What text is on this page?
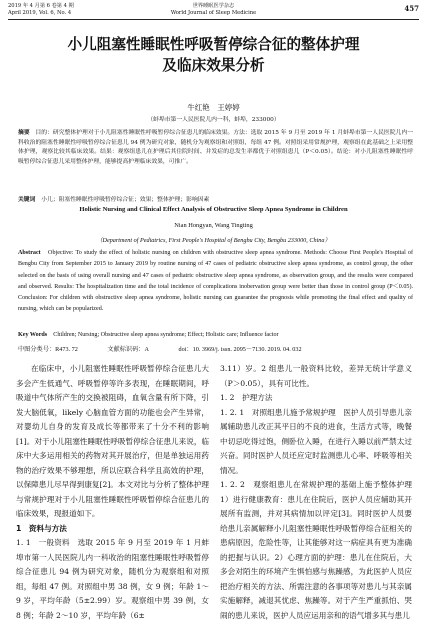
2019 年 4 月第 6 卷第 4 期
April 2019, Vol. 6, No. 4
世界睡眠医学杂志
World Journal of Sleep Medicine	457
小儿阻塞性睡眠性呼吸暂停综合征的整体护理
及临床效果分析
牛红艳　王婷婷
（蚌埠市第一人民医院儿内一科，蚌埠，233000）
摘要　 目的：研究整体护理对于小儿阻塞性睡眠性呼吸暂停综合征患儿的临床效果。方法：选取 2015 年 9 月至 2019 年 1 月蚌埠市第一人民医院儿内一科收治的阻塞性睡眠性呼吸暂停综合征患儿 94 例为研究对象，随机分为观察组和对照组，每组 47 例。对照组采用常规护理，观察组在此基础之上采用整体护理，观察比较其临床效果。结果：观察组患儿在护理后其住院时间、并发症的总发生率都优于对照组患儿（P＜0.05）。结论：对小儿阻塞性睡眠性呼吸暂停综合征患儿采用整体护理，能够提高护理临床效果，可推广。
关键词　 小儿；阻塞性睡眠性呼吸暂停综合征；效果；整体护理；影响因素
Holistic Nursing and Clinical Effect Analysis of Obstructive Sleep Apnea Syndrome in Children
Nian Hongyan, Wang Tingting
（Department of Pediatrics, First People's Hospital of Bengbu City, Bengbu 233000, China）
Abstract　 Objective: To study the effect of holistic nursing on children with obstructive sleep apnea syndrome. Methods: Choose First People's Hospital of Bengbu City from September 2015 to January 2019 by routine nursing of 47 cases of pediatric obstructive sleep apnea syndrome, as control group, the other selected on the basis of using overall nursing and 47 cases of pediatric obstructive sleep apnea syndrome, as observation group, and the results were compared and observed. Results: The hospitalization time and the total incidence of complications inobervation group were better than those in control group (P＜0.05). Conclusion: For children with obstructive sleep apnea syndrome, holistic nursing can guarantee the prognosis while promoting the final effect and quality of nursing, which can be popularized.
Key Words　 Children; Nursing; Obstructive sleep apnea syndrome; Effect; Holistic care; Influence factor
中图分类号：R473. 72	文献标识码：A	doi：10. 3969/j. issn. 2095－7130. 2019. 04. 032

在临床中，小儿阻塞性睡眠性呼吸暂停综合征患儿大多会产生低通气、呼吸暂停等许多表现，在睡眠期间，呼吸道中气体所产生的交换被阻碍，血氧含量有所下降，引发大脑低氧，likely 心脑血管方面的功能也会产生异常，对婴幼儿自身的发育及成长等都带来了十分不利的影响[1]。对于小儿阻塞性睡眠性呼吸暂停综合征患儿来说，临床中大多运用相关的药物对其开展治疗，但是单独运用药物的治疗效果不够理想，所以应联合科学且高效的护理，以保障患儿尽早得到康复[2]。本文对比与分析了整体护理与常规护理对于小儿阻塞性睡眠性呼吸暂停综合征患儿的临床效果，现报道如下。

1　资料与方法

1. 1　一般资料　选取 2015 年 9 月至 2019 年 1 月蚌埠市第一人民医院儿内一科收治的阻塞性睡眠性呼吸暂停综合征患儿 94 例为研究对象，随机分为观察组和对照组，每组 47 例。对照组中男 38 例，女 9 例；年龄 1～9 岁，平均年龄（5±2.99）岁。观察组中男 39 例，女 8 例；年龄 2～10 岁，平均年龄（6±

3.11）岁。2 组患儿一般资料比较，差异无统计学意义（P＞0.05），具有可比性。

1. 2　护理方法

1. 2. 1　对照组患儿施予常规护理　医护人员引导患儿亲属辅助患儿改正其平日的不良的进食，生活方式等，晚餐中切忌吃得过饱，侧卧位入睡，在进行入睡以前严禁太过兴奋。同时医护人员还应定时监测患儿心率、呼吸等相关情况。

1. 2. 2　观察组患儿在常规护理的基础上施予整体护理　1）进行健康教育：患儿在住院后，医护人员应辅助其开展所有监测，并对其病情加以评定[3]。同时医护人员要给患儿亲属解释小儿阻塞性睡眠性呼吸暂停综合征相关的患病原因，危险性等，让其能够对这一病症具有更为准确的把握与认识。2）心理方面的护理：患儿在住院后，大多会对陌生的环境产生惧怕感与焦躁感，为此医护人员应把治疗相关的方法、所需注意的各事项等对患儿与其亲属实施解释，减退其忧虑、焦躁等。对于产生严重抓怕、哭闹的患儿来说，医护人员应运用亲和的语气增多其与患儿
